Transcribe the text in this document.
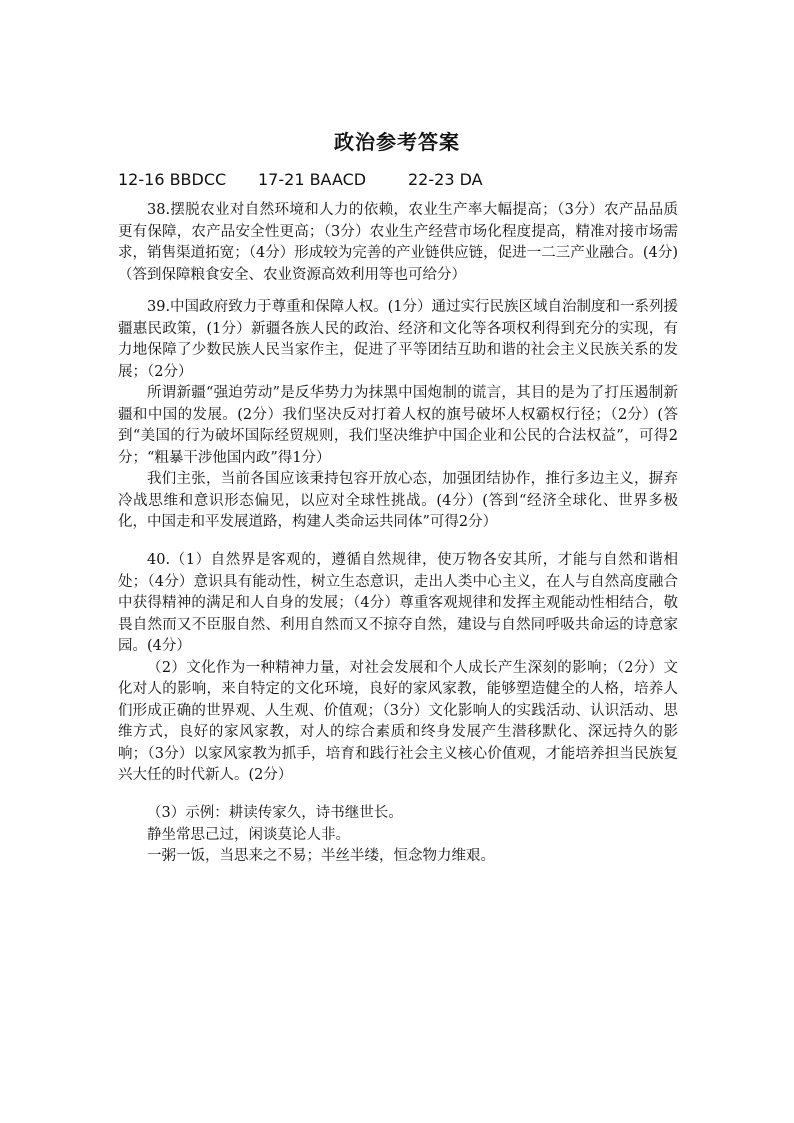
政治参考答案
12-16 BBDCC 17-21 BAACD	22-23 DA

38.摆脱农业对自然环境和人力的依赖，农业生产率大幅提高；（3分）农产品品质更有保障，农产品安全性更高；（3分）农业生产经营市场化程度提高，精准对接市场需求，销售渠道拓宽；（4分）形成较为完善的产业链供应链，促进一二三产业融合。(4分)（答到保障粮食安全、农业资源高效利用等也可给分）

39.中国政府致力于尊重和保障人权。(1分）通过实行民族区域自治制度和一系列援疆惠民政策，(1分）新疆各族人民的政治、经济和文化等各项权利得到充分的实现，有力地保障了少数民族人民当家作主，促进了平等团结互助和谐的社会主义民族关系的发展；（2分）

所谓新疆“强迫劳动”是反华势力为抹黑中国炮制的谎言，其目的是为了打压遏制新疆和中国的发展。(2分）我们坚决反对打着人权的旗号破坏人权霸权行径；（2分）(答到“美国的行为破坏国际经贸规则，我们坚决维护中国企业和公民的合法权益”，可得2分；“粗暴干涉他国内政”得1分）

我们主张，当前各国应该秉持包容开放心态，加强团结协作，推行多边主义，摒弃冷战思维和意识形态偏见，以应对全球性挑战。(4分）(答到“经济全球化、世界多极化，中国走和平发展道路，构建人类命运共同体”可得2分）

40.（1）自然界是客观的，遵循自然规律，使万物各安其所，才能与自然和谐相处；（4分）意识具有能动性，树立生态意识，走出人类中心主义，在人与自然高度融合中获得精神的满足和人自身的发展；（4分）尊重客观规律和发挥主观能动性相结合，敬畏自然而又不臣服自然、利用自然而又不掠夺自然，建设与自然同呼吸共命运的诗意家园。(4分）

（2）文化作为一种精神力量，对社会发展和个人成长产生深刻的影响；（2分）文化对人的影响，来自特定的文化环境，良好的家风家教，能够塑造健全的人格，培养人们形成正确的世界观、人生观、价值观；（3分）文化影响人的实践活动、认识活动、思维方式，良好的家风家教，对人的综合素质和终身发展产生潜移默化、深远持久的影响；（3分）以家风家教为抓手，培育和践行社会主义核心价值观，才能培养担当民族复兴大任的时代新人。(2分）

（3）示例：耕读传家久，诗书继世长。

静坐常思己过，闲谈莫论人非。

一粥一饭，当思来之不易；半丝半缕，恒念物力维艰。
